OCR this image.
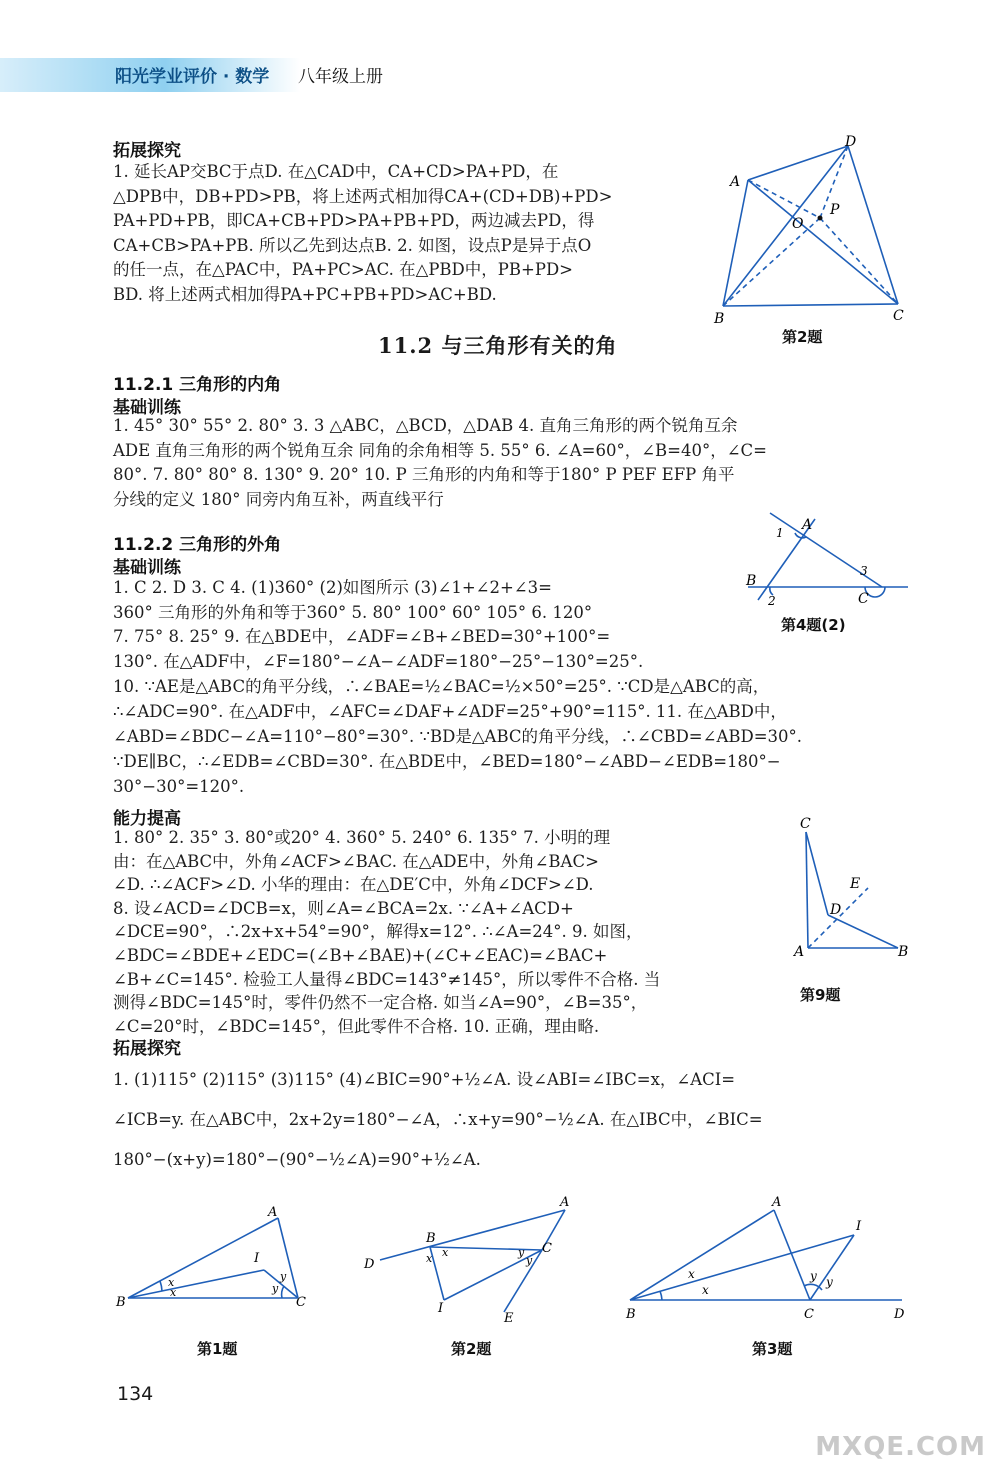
阳光学业评价 · 数学 八年级上册
拓展探究
1. 延长AP交BC于点D. 在△CAD中，CA+CD>PA+PD，在
△DPB中，DB+PD>PB，将上述两式相加得CA+(CD+DB)+PD>
PA+PD+PB，即CA+CB+PD>PA+PB+PD，两边减去PD，得
CA+CB>PA+PB. 所以乙先到达点B. 2. 如图，设点P是异于点O
的任一点，在△PAC中，PA+PC>AC. 在△PBD中，PB+PD>
BD. 将上述两式相加得PA+PC+PB+PD>AC+BD.
D
A
B	C
O
P
第2题
11.2 与三角形有关的角
11.2.1 三角形的内角
基础训练
1. 45° 30° 55° 2. 80° 3. 3 △ABC，△BCD，△DAB 4. 直角三角形的两个锐角互余
ADE 直角三角形的两个锐角互余 同角的余角相等 5. 55° 6. ∠A=60°，∠B=40°，∠C=
80°. 7. 80° 80° 8. 130° 9. 20° 10. P 三角形的内角和等于180° P PEF EFP 角平
分线的定义 180° 同旁内角互补，两直线平行
11.2.2 三角形的外角
基础训练
1. C 2. D 3. C 4. (1)360° (2)如图所示 (3)∠1+∠2+∠3=
360° 三角形的外角和等于360° 5. 80° 100° 60° 105° 6. 120°
7. 75° 8. 25° 9. 在△BDE中，∠ADF=∠B+∠BED=30°+100°=
130°. 在△ADF中，∠F=180°−∠A−∠ADF=180°−25°−130°=25°.
A
B
C
1
2
3
第4题(2)
10. ∵AE是△ABC的角平分线，∴∠BAE=½∠BAC=½×50°=25°. ∵CD是△ABC的高，
∴∠ADC=90°. 在△ADF中，∠AFC=∠DAF+∠ADF=25°+90°=115°. 11. 在△ABD中，
∠ABD=∠BDC−∠A=110°−80°=30°. ∵BD是△ABC的角平分线，∴∠CBD=∠ABD=30°.
∵DE∥BC，∴∠EDB=∠CBD=30°. 在△BDE中，∠BED=180°−∠ABD−∠EDB=180°−
30°−30°=120°.
能力提高
1. 80° 2. 35° 3. 80°或20° 4. 360° 5. 240° 6. 135° 7. 小明的理
由：在△ABC中，外角∠ACF>∠BAC. 在△ADE中，外角∠BAC>
∠D. ∴∠ACF>∠D. 小华的理由：在△DE′C中，外角∠DCF>∠D.
8. 设∠ACD=∠DCB=x，则∠A=∠BCA=2x. ∵∠A+∠ACD+
∠DCE=90°，∴2x+x+54°=90°，解得x=12°. ∴∠A=24°. 9. 如图，
∠BDC=∠BDE+∠EDC=(∠B+∠BAE)+(∠C+∠EAC)=∠BAC+
∠B+∠C=145°. 检验工人量得∠BDC=143°≠145°，所以零件不合格. 当
测得∠BDC=145°时，零件仍然不一定合格. 如当∠A=90°，∠B=35°，
∠C=20°时，∠BDC=145°，但此零件不合格. 10. 正确，理由略.
C
A	B
D
E
第9题
拓展探究
1. (1)115° (2)115° (3)115° (4)∠BIC=90°+½∠A. 设∠ABI=∠IBC=x，∠ACI=
∠ICB=y. 在△ABC中，2x+2y=180°−∠A，∴x+y=90°−½∠A. 在△IBC中，∠BIC=
180°−(x+y)=180°−(90°−½∠A)=90°+½∠A.
A
B	C
I
x
x	y
y
A
B
C
D
E
I
x
x	y
y
A
B	C	D
I
x
x
y y
第1题	第2题	第3题
134
MXQE.COM
